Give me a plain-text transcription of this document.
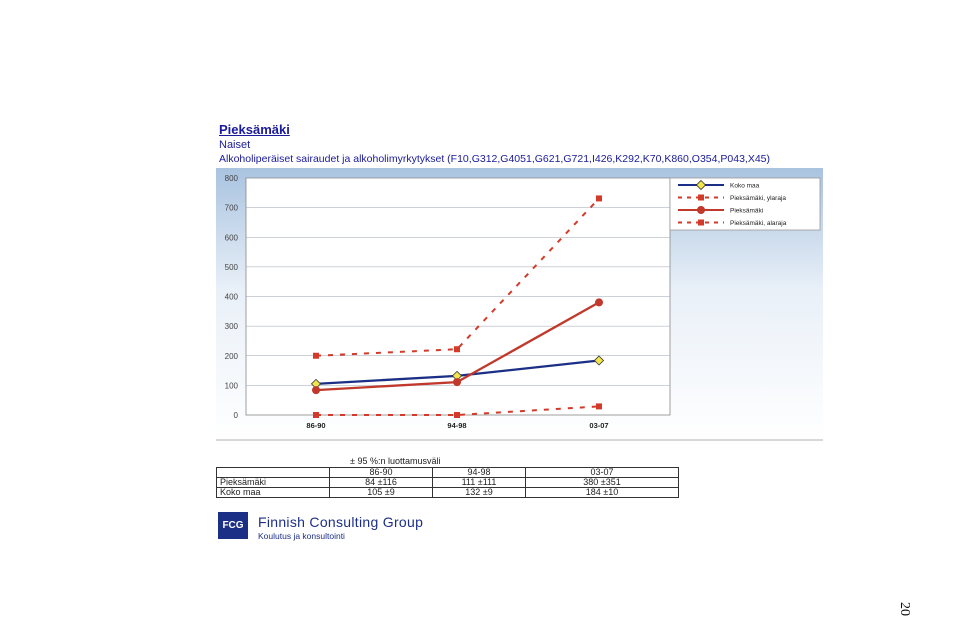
Pieksämäki
Naiset
Alkoholiperäiset sairaudet ja alkoholimyrkytykset (F10,G312,G4051,G621,G721,I426,K292,K70,K860,O354,P043,X45)
0
100
200
300
400
500
600
700
800
86-90	94-98	03-07
Koko maa
Pieksämäki, ylaraja
Pieksämäki
Pieksämäki, alaraja
± 95 %:n luottamusväli
	86-90	94-98	03-07
Pieksämäki	84 ±116	111 ±111	380 ±351
Koko maa	105 ±9	132 ±9	184 ±10
FCG Finnish Consulting Group
Koulutus ja konsultointi
20
